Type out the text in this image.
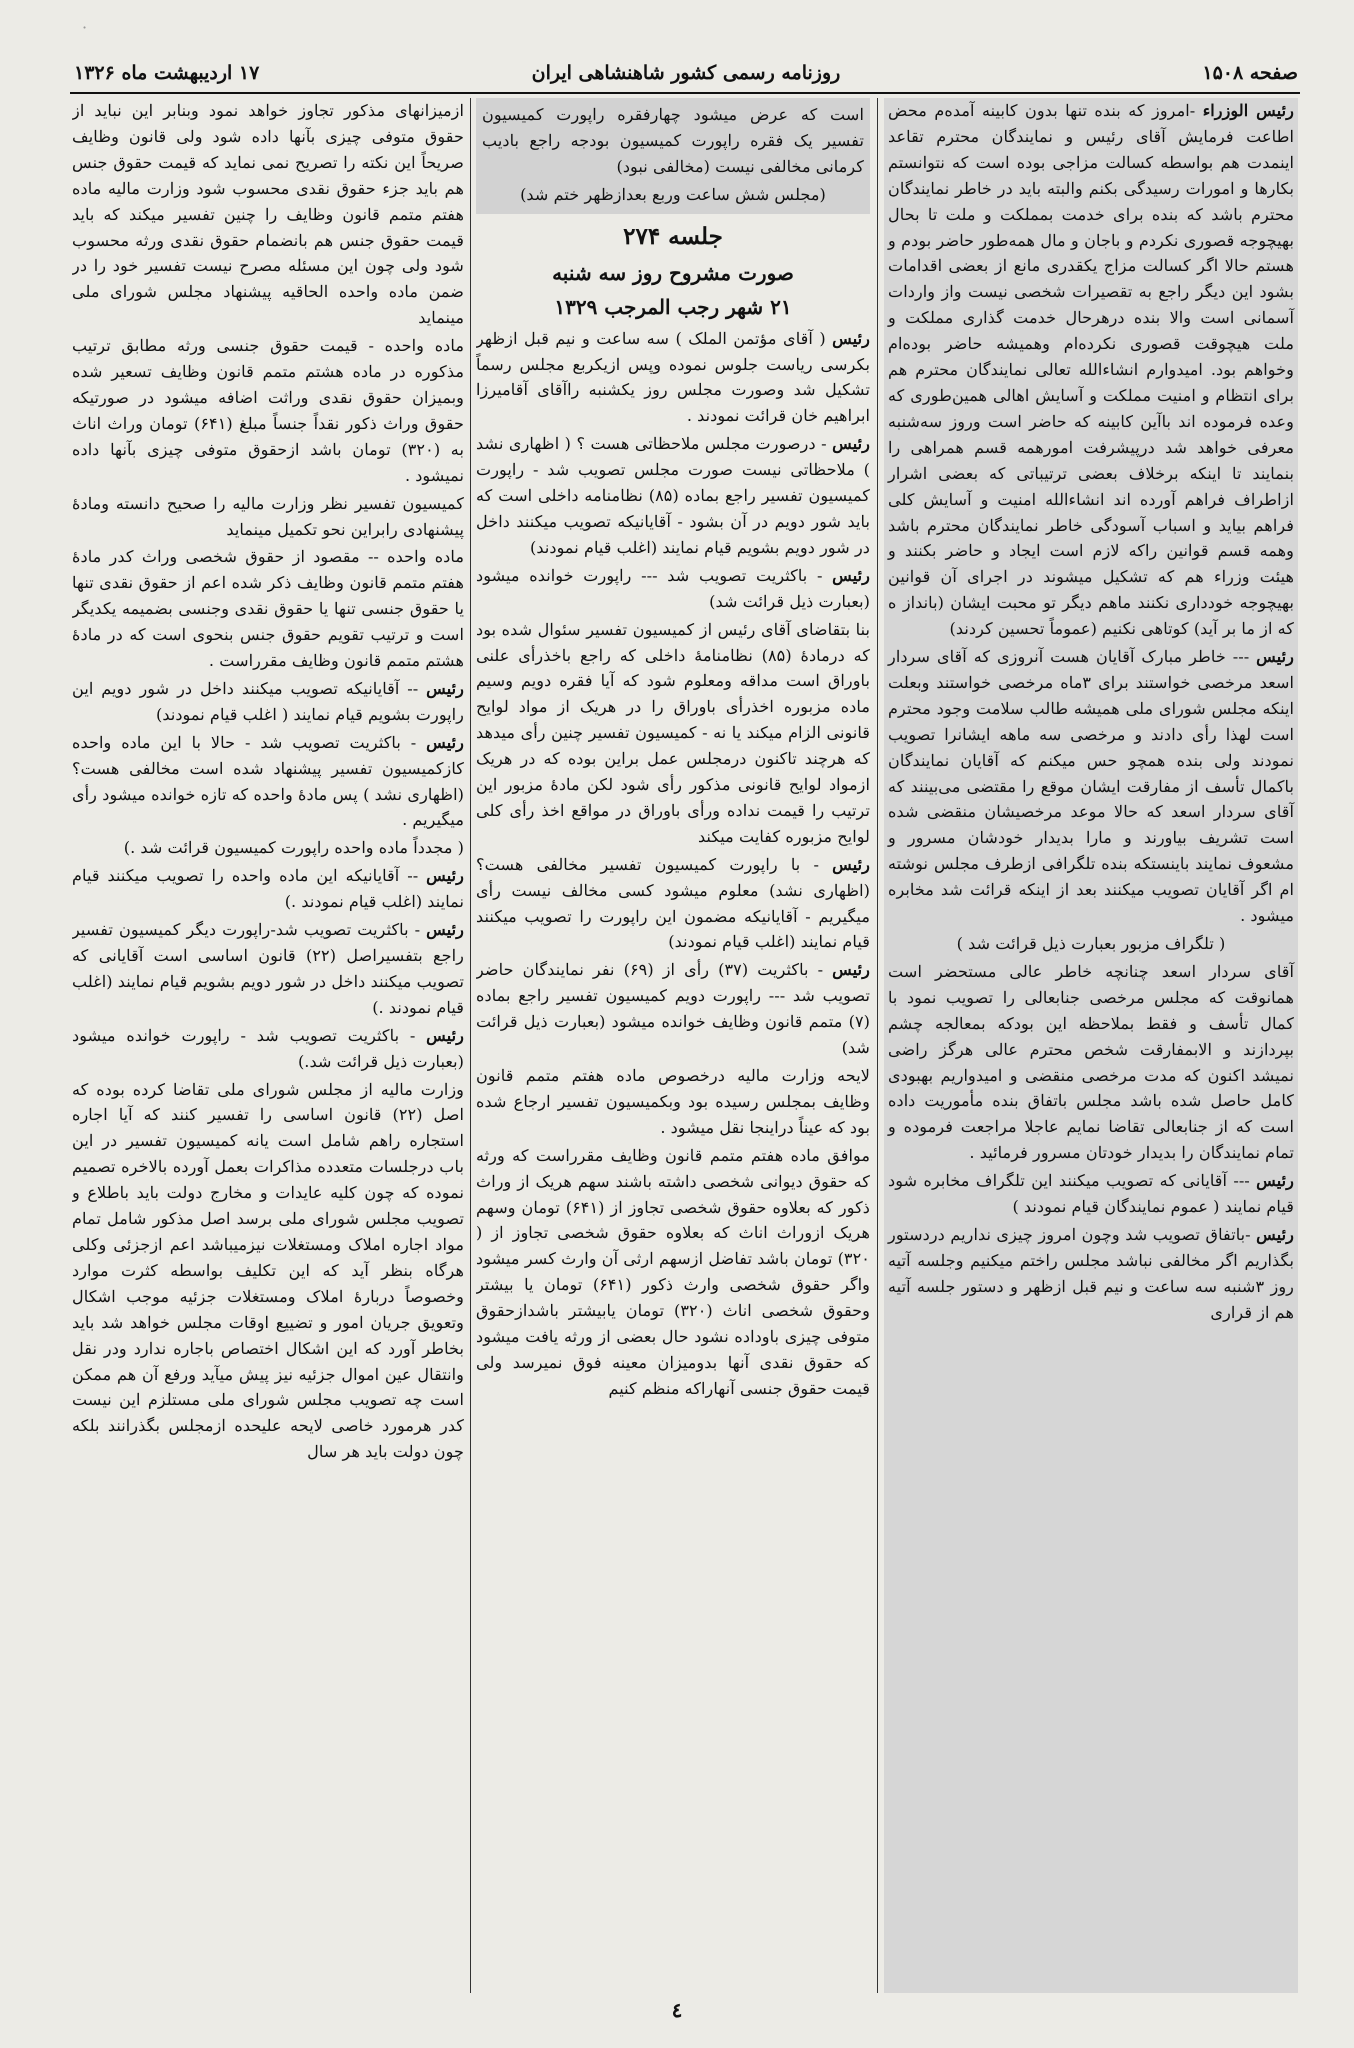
·
صفحه ۱۵۰۸
روزنامه رسمی کشور شاهنشاهی ایران
۱۷ اردیبهشت ماه ۱۳۲۶

رئیس الوزراء -امروز که بنده تنها بدون کابینه آمده‌م محض اطاعت فرمایش آقای رئیس و نمایندگان محترم تقاعد اینمدت هم بواسطه کسالت مزاجی بوده است که نتوانستم بکارها و امورات رسیدگی بکنم والبته باید در خاطر نمایندگان محترم باشد که بنده برای خدمت بمملکت و ملت تا بحال بهیچوجه قصوری نکردم و باجان و مال همه‌طور حاضر بودم و هستم حالا اگر کسالت مزاج یکقدری مانع از بعضی اقدامات بشود این دیگر راجع به تقصیرات شخصی نیست واز واردات آسمانی است والا بنده درهرحال خدمت گذاری مملکت و ملت هیچوقت قصوری نکرده‌ام وهمیشه حاضر بوده‌ام وخواهم بود. امیدوارم انشاءالله تعالی نمایندگان محترم هم برای انتظام و امنیت مملکت و آسایش اهالی همین‌طوری که وعده فرموده اند باآین کابینه که حاضر است وروز سه‌شنبه معرفی خواهد شد درپیشرفت امورهمه قسم همراهی را بنمایند تا اینکه برخلاف بعضی ترتیباتی که بعضی اشرار ازاطراف فراهم آورده اند انشاءالله امنیت و آسایش کلی فراهم بیاید و اسباب آسودگی خاطر نمایندگان محترم باشد وهمه قسم قوانین راکه لازم است ایجاد و حاضر بکنند و هیئت وزراء هم که تشکیل میشوند در اجرای آن قوانین بهیچوجه خودداری نکنند ماهم دیگر تو محبت ایشان (بانداز ه که از ما بر آید) کوتاهی نکنیم (عموماً تحسین کردند)

رئیس --- خاطر مبارک آقایان هست آنروزی که آقای سردار اسعد مرخصی خواستند برای ۳ماه مرخصی خواستند وبعلت اینکه مجلس شورای ملی همیشه طالب سلامت وجود محترم است لهذا رأی دادند و مرخصی سه ماهه ایشانرا تصویب نمودند ولی بنده همچو حس میکنم که آقایان نمایندگان باکمال تأسف از مفارقت ایشان موقع را مقتضی می‌بینند که آقای سردار اسعد که حالا موعد مرخصیشان منقضی شده است تشریف بیاورند و مارا بدیدار خودشان مسرور و مشعوف نمایند باینستکه بنده تلگرافی ازطرف مجلس نوشته ام اگر آقایان تصویب میکنند بعد از اینکه قرائت شد مخابره میشود .

( تلگراف مزبور بعبارت ذیل قرائت شد )

آقای سردار اسعد چنانچه خاطر عالی مستحضر است همانوقت که مجلس مرخصی جنابعالی را تصویب نمود با کمال تأسف و فقط بملاحظه این بودکه بمعالجه چشم بپردازند و الابمفارقت شخص محترم عالی هرگز راضی نمیشد اکنون که مدت مرخصی منقضی و امیدواریم بهبودی کامل حاصل شده باشد مجلس باتفاق بنده مأموریت داده است که از جنابعالی تقاضا نمایم عاجلا مراجعت فرموده و تمام نمایندگان را بدیدار خودتان مسرور فرمائید .

رئیس --- آقایانی که تصویب میکنند این تلگراف مخابره شود قیام نمایند ( عموم نمایندگان قیام نمودند )

رئیس -باتفاق تصویب شد وچون امروز چیزی نداریم دردستور بگذاریم اگر مخالفی نباشد مجلس راختم میکنیم وجلسه آتیه روز ۳شنبه سه ساعت و نیم قبل ازظهر و دستور جلسه آتیه هم از قراری

است که عرض میشود چهارفقره راپورت کمیسیون تفسیر یک فقره راپورت کمیسیون بودجه راجع بادیب کرمانی مخالفی نیست (مخالفی نبود)

(مجلس شش ساعت وربع بعدازظهر ختم شد)

جلسه ۲۷۴
صورت مشروح روز سه شنبه
۲۱ شهر رجب المرجب ۱۳۲۹

رئیس ( آقای مؤتمن الملک ) سه ساعت و نیم قبل ازظهر بکرسی ریاست جلوس نموده وپس ازیکربع مجلس رسماً تشکیل شد وصورت مجلس روز یکشنبه راآقای آقامیرزا ابراهیم خان قرائت نمودند .

رئیس - درصورت مجلس ملاحظاتی هست ؟ ( اظهاری نشد ) ملاحظاتی نیست صورت مجلس تصویب شد - راپورت کمیسیون تفسیر راجع بماده (۸۵) نظامنامه داخلی است که باید شور دویم در آن بشود - آقایانیکه تصویب میکنند داخل در شور دویم بشویم قیام نمایند (اغلب قیام نمودند)

رئیس - باکثریت تصویب شد --- راپورت خوانده میشود (بعبارت ذیل قرائت شد)

بنا بتقاضای آقای رئیس از کمیسیون تفسیر سئوال شده بود که درمادهٔ (۸۵) نظامنامهٔ داخلی که راجع باخذرأی علنی باوراق است مداقه ومعلوم شود که آیا فقره دویم وسیم ماده مزبوره اخذرأی باوراق را در هریک از مواد لوایح قانونی الزام میکند یا نه - کمیسیون تفسیر چنین رأی میدهد که هرچند تاکنون درمجلس عمل براین بوده که در هریک ازمواد لوایح قانونی مذکور رأی شود لکن مادهٔ مزبور این ترتیب را قیمت نداده ورأی باوراق در مواقع اخذ رأی کلی لوایح مزبوره کفایت میکند

رئیس - با راپورت کمیسیون تفسیر مخالفی هست؟ (اظهاری نشد) معلوم میشود کسی مخالف نیست رأی میگیریم - آقایانیکه مضمون این راپورت را تصویب میکنند قیام نمایند (اغلب قیام نمودند)

رئیس - باکثریت (۳۷) رأی از (۶۹) نفر نمایندگان حاضر تصویب شد --- راپورت دویم کمیسیون تفسیر راجع بماده (۷) متمم قانون وظایف خوانده میشود (بعبارت ذیل قرائت شد)

لایحه وزارت مالیه درخصوص ماده هفتم متمم قانون وظایف بمجلس رسیده بود وبکمیسیون تفسیر ارجاع شده بود که عیناً دراینجا نقل میشود .

موافق ماده هفتم متمم قانون وظایف مقرراست که ورثه که حقوق دیوانی شخصی داشته باشند سهم هریک از وراث ذکور که بعلاوه حقوق شخصی تجاوز از (۶۴۱) تومان وسهم هریک ازوراث اناث که بعلاوه حقوق شخصی تجاوز از ( ۳۲۰) تومان باشد تفاضل ازسهم ارثی آن وارث کسر میشود واگر حقوق شخصی وارث ذکور (۶۴۱) تومان یا بیشتر وحقوق شخصی اناث (۳۲۰) تومان یابیشتر باشدازحقوق متوفی چیزی باوداده نشود حال بعضی از ورثه یافت میشود که حقوق نقدی آنها بدومیزان معینه فوق نمیرسد ولی قیمت حقوق جنسی آنهاراکه منظم کنیم

ازمیزانهای مذکور تجاوز خواهد نمود وبنابر این نباید از حقوق متوفی چیزی بآنها داده شود ولی قانون وظایف صریحاً این نکته را تصریح نمی نماید که قیمت حقوق جنس هم باید جزء حقوق نقدی محسوب شود وزارت مالیه ماده هفتم متمم قانون وظایف را چنین تفسیر میکند که باید قیمت حقوق جنس هم بانضمام حقوق نقدی ورثه محسوب شود ولی چون این مسئله مصرح نیست تفسیر خود را در ضمن ماده واحده الحاقیه پیشنهاد مجلس شورای ملی مینماید

ماده واحده - قیمت حقوق جنسی ورثه مطابق ترتیب مذکوره در ماده هشتم متمم قانون وظایف تسعیر شده وبمیزان حقوق نقدی وراثت اضافه میشود در صورتیکه حقوق وراث ذکور نقداً جنساً مبلغ (۶۴۱) تومان وراث اناث به (۳۲۰) تومان باشد ازحقوق متوفی چیزی بآنها داده نمیشود .

کمیسیون تفسیر نظر وزارت مالیه را صحیح دانسته ومادهٔ پیشنهادی رابراین نحو تکمیل مینماید

ماده واحده -- مقصود از حقوق شخصی وراث کدر مادهٔ هفتم متمم قانون وظایف ذکر شده اعم از حقوق نقدی تنها یا حقوق جنسی تنها یا حقوق نقدی وجنسی بضمیمه یکدیگر است و ترتیب تقویم حقوق جنس بنحوی است که در مادهٔ هشتم متمم قانون وظایف مقرراست .

رئیس -- آقایانیکه تصویب میکنند داخل در شور دویم این راپورت بشویم قیام نمایند ( اغلب قیام نمودند)

رئیس - باکثریت تصویب شد - حالا با این ماده واحده کازکمیسیون تفسیر پیشنهاد شده است مخالفی هست؟ (اظهاری نشد ) پس مادهٔ واحده که تازه خوانده میشود رأی میگیریم .

( مجدداً ماده واحده راپورت کمیسیون قرائت شد .)

رئیس -- آقایانیکه این ماده واحده را تصویب میکنند قیام نمایند (اغلب قیام نمودند .)

رئیس - باکثریت تصویب شد-راپورت دیگر کمیسیون تفسیر راجع بتفسیراصل (۲۲) قانون اساسی است آقایانی که تصویب میکنند داخل در شور دویم بشویم قیام نمایند (اغلب قیام نمودند .)

رئیس - باکثریت تصویب شد - راپورت خوانده میشود (بعبارت ذیل قرائت شد.)

وزارت مالیه از مجلس شورای ملی تقاضا کرده بوده که اصل (۲۲) قانون اساسی را تفسیر کنند که آیا اجاره استجاره راهم شامل است یانه کمیسیون تفسیر در این باب درجلسات متعدده مذاکرات بعمل آورده بالاخره تصمیم نموده که چون کلیه عایدات و مخارج دولت باید باطلاع و تصویب مجلس شورای ملی برسد اصل مذکور شامل تمام مواد اجاره املاک ومستغلات نیزمیباشد اعم ازجزئی وکلی هرگاه بنظر آید که این تکلیف بواسطه کثرت موارد وخصوصاً دربارهٔ املاک ومستغلات جزئیه موجب اشکال وتعویق جریان امور و تضییع اوقات مجلس خواهد شد باید بخاطر آورد که این اشکال اختصاص باجاره ندارد ودر نقل وانتقال عین اموال جزئیه نیز پیش میآید ورفع آن هم ممکن است چه تصویب مجلس شورای ملی مستلزم این نیست کدر هرمورد خاصی لایحه علیحده ازمجلس بگذرانند بلکه چون دولت باید هر سال

٤
